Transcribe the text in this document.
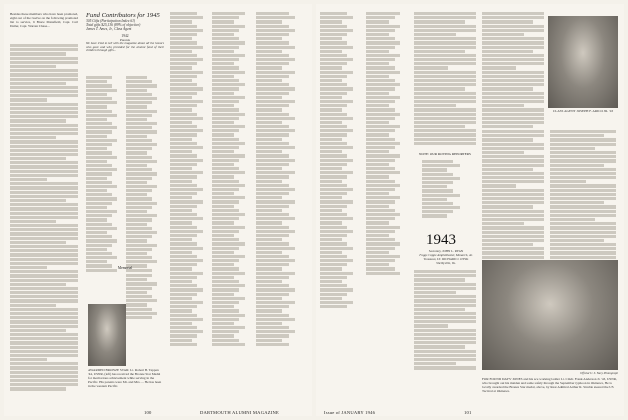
Besides these members who have been promoted, eight out of the twelve on the following promoted list to service, lt Bruce Mansfield, Capt. Carl Dailer, Capt. Warren Chase...

Fund Contributors for 1945
305 Gifts (Participation Index 61)
Total gifts $25,136 (89% of objective)
James T. Ames, Jr., Class Agent
1942
Parents

We have tried to tell with the magazine about all the honors who gave and who provided for the alumni fund of their children through gifts...

Memorial
AWARDED BRONZE STAR: Lt. Robert B. Tappan '44, USNR, (left) has received the Bronze Star Medal for meritorious achievement while serving in the Pacific. His parents were Mr. and Mrs. ... He has been in the western Pacific.
100	DARTMOUTH ALUMNI MAGAZINE
NOTE: OUR ROVING REPORTERS
1943
Secretary, JOHN L. RYAN
Foggs Coppe Amphitheater, Monarch, Ar.
Treasurer, LT. RICHARD J. OTSK
Shelbyville, Va.
CLASS AGENT JOSEPH F. ARICO JR. '43
Official U. S. Navy Photograph
FOR FOUND DAYS' JONES and his ace working ladder Lt. Cmdr. Frank Anderson Jr. '43, USNR, who brought out his maiden and some safely through the September typhoon in Okinawa, He is locally awarded the Bronze Star medal, above, by Rear Admiral Arthur R. Struble steered the US Tactical at Okinawa.
Issue of JANUARY 1946	101
